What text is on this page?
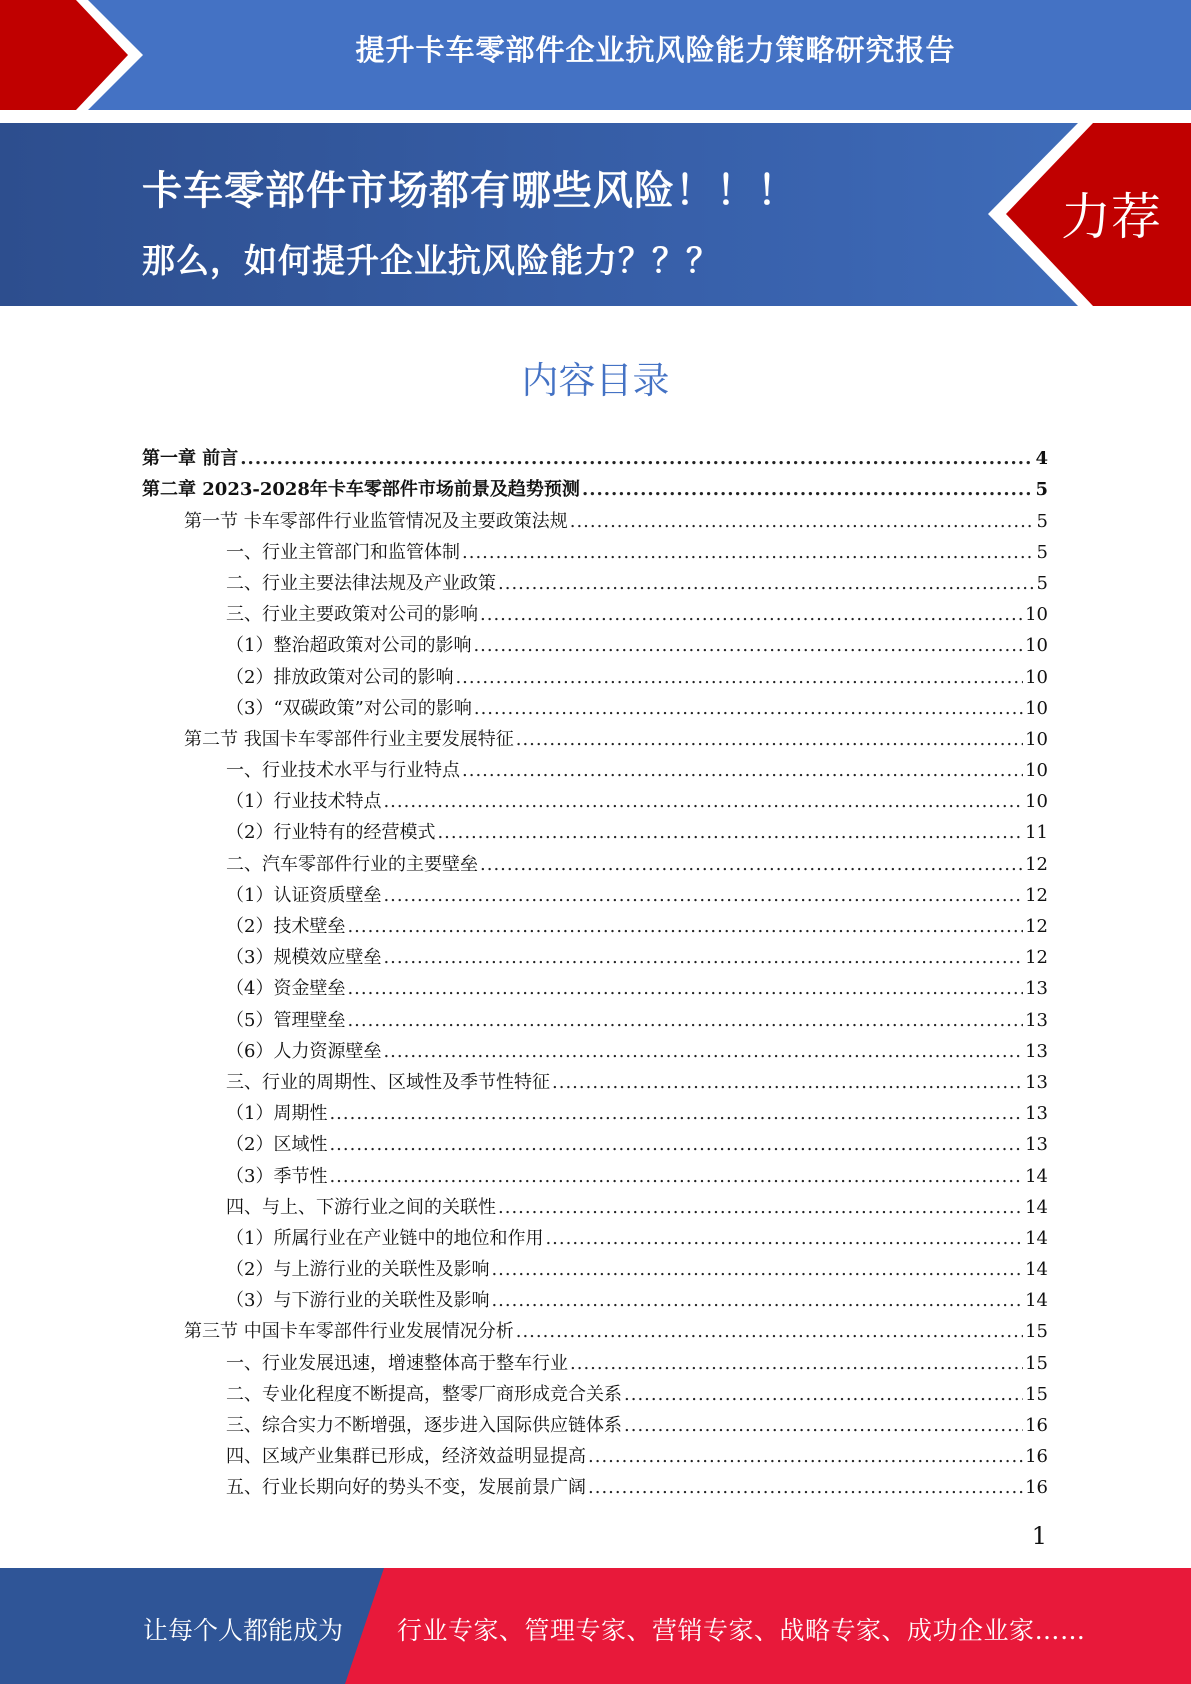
提升卡车零部件企业抗风险能力策略研究报告
卡车零部件市场都有哪些风险！！！
那么，如何提升企业抗风险能力？？？
力荐
内容目录
第一章 前言 .....	4
第二章 2023-2028年卡车零部件市场前景及趋势预测 .....	5
第一节 卡车零部件行业监管情况及主要政策法规 .....	5
一、行业主管部门和监管体制 .....	5
二、行业主要法律法规及产业政策 .....	5
三、行业主要政策对公司的影响 .....	10
（1）整治超政策对公司的影响 .....	10
（2）排放政策对公司的影响 .....	10
（3）“双碳政策”对公司的影响 .....	10
第二节 我国卡车零部件行业主要发展特征 .....	10
一、行业技术水平与行业特点 .....	10
（1）行业技术特点 .....	10
（2）行业特有的经营模式 .....	11
二、汽车零部件行业的主要壁垒 .....	12
（1）认证资质壁垒 .....	12
（2）技术壁垒 .....	12
（3）规模效应壁垒 .....	12
（4）资金壁垒 .....	13
（5）管理壁垒 .....	13
（6）人力资源壁垒 .....	13
三、行业的周期性、区域性及季节性特征 .....	13
（1）周期性 .....	13
（2）区域性 .....	13
（3）季节性 .....	14
四、与上、下游行业之间的关联性 .....	14
（1）所属行业在产业链中的地位和作用 .....	14
（2）与上游行业的关联性及影响 .....	14
（3）与下游行业的关联性及影响 .....	14
第三节 中国卡车零部件行业发展情况分析 .....	15
一、行业发展迅速，增速整体高于整车行业 .....	15
二、专业化程度不断提高，整零厂商形成竞合关系 .....	15
三、综合实力不断增强，逐步进入国际供应链体系 .....	16
四、区域产业集群已形成，经济效益明显提高 .....	16
五、行业长期向好的势头不变，发展前景广阔 .....	16
1
让每个人都能成为 行业专家、管理专家、营销专家、战略专家、成功企业家……
